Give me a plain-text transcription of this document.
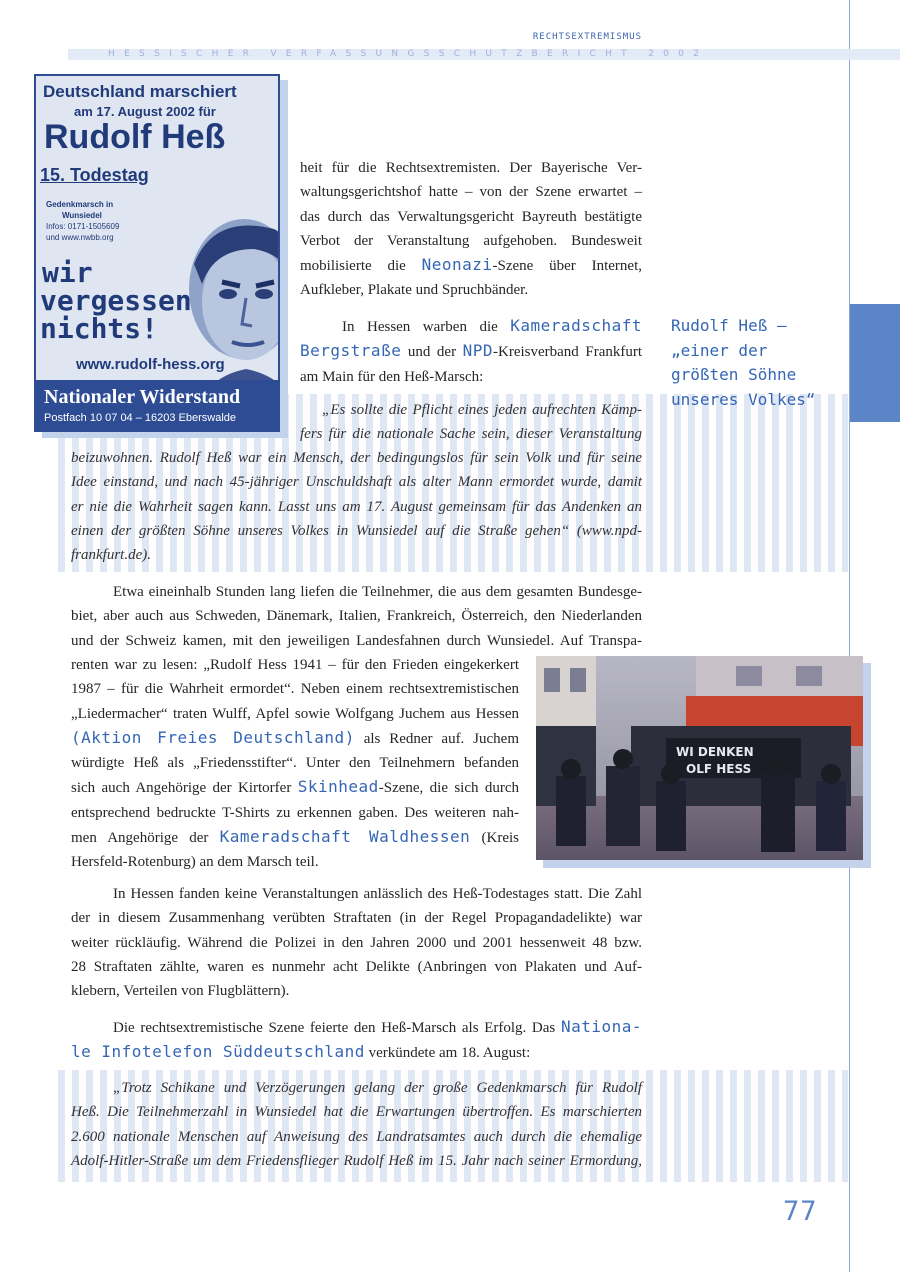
RECHTSEXTREMISMUS
HESSISCHER VERFASSUNGSSCHUTZBERICHT 2002
Deutschland marschiert
am 17. August 2002 für
Rudolf Heß
15. Todestag
Gedenkmarsch in
Wunsiedel
Infos: 0171-1505609
und www.nwbb.org
wir
vergessen
nichts!
www.rudolf-hess.org
Nationaler Widerstand
Postfach 10 07 04 – 16203 Eberswalde
heit für die Rechtsextremisten. Der Bayerische Ver-
waltungsgerichtshof hatte – von der Szene erwartet –
das durch das Verwaltungsgericht Bayreuth bestätigte
Verbot der Veranstaltung aufgehoben. Bundesweit
mobilisierte die Neonazi-Szene über Internet,
Aufkleber, Plakate und Spruchbänder.

In Hessen warben die Kameradschaft Bergstraße und der NPD-Kreisverband Frankfurt am Main für den Heß-Marsch:

Rudolf Heß –
„einer der
größten Söhne
unseres Volkes“
„Es sollte die Pflicht eines jeden aufrechten Kämp-
fers für die nationale Sache sein, dieser Veranstaltung
beizuwohnen. Rudolf Heß war ein Mensch, der bedingungslos für sein Volk und für seine
Idee einstand, und nach 45-jähriger Unschuldshaft als alter Mann ermordet wurde, damit
er nie die Wahrheit sagen kann. Lasst uns am 17. August gemeinsam für das Andenken an
einen der größten Söhne unseres Volkes in Wunsiedel auf die Straße gehen“ (www.npd-
frankfurt.de).
Etwa eineinhalb Stunden lang liefen die Teilnehmer, die aus dem gesamten Bundesge-
biet, aber auch aus Schweden, Dänemark, Italien, Frankreich, Österreich, den Niederlanden
und der Schweiz kamen, mit den jeweiligen Landesfahnen durch Wunsiedel. Auf Transpa-
renten war zu lesen: „Rudolf Hess 1941 – für den Frieden eingekerkert
1987 – für die Wahrheit ermordet“. Neben einem rechtsextremistischen
„Liedermacher“ traten Wulff, Apfel sowie Wolfgang Juchem aus Hessen
(Aktion Freies Deutschland) als Redner auf. Juchem
würdigte Heß als „Friedensstifter“. Unter den Teilnehmern befanden
sich auch Angehörige der Kirtorfer Skinhead-Szene, die sich durch
entsprechend bedruckte T-Shirts zu erkennen gaben. Des weiteren nah-
men Angehörige der Kameradschaft Waldhessen (Kreis
Hersfeld-Rotenburg) an dem Marsch teil.
WI DENKEN
OLF HESS
In Hessen fanden keine Veranstaltungen anlässlich des Heß-Todestages statt. Die Zahl
der in diesem Zusammenhang verübten Straftaten (in der Regel Propagandadelikte) war
weiter rückläufig. Während die Polizei in den Jahren 2000 und 2001 hessenweit 48 bzw.
28 Straftaten zählte, waren es nunmehr acht Delikte (Anbringen von Plakaten und Auf-
klebern, Verteilen von Flugblättern).
Die rechtsextremistische Szene feierte den Heß-Marsch als Erfolg. Das Nationa-
le Infotelefon Süddeutschland verkündete am 18. August:
„Trotz Schikane und Verzögerungen gelang der große Gedenkmarsch für Rudolf
Heß. Die Teilnehmerzahl in Wunsiedel hat die Erwartungen übertroffen. Es marschierten
2.600 nationale Menschen auf Anweisung des Landratsamtes auch durch die ehemalige
Adolf-Hitler-Straße um dem Friedensflieger Rudolf Heß im 15. Jahr nach seiner Ermordung,
77
